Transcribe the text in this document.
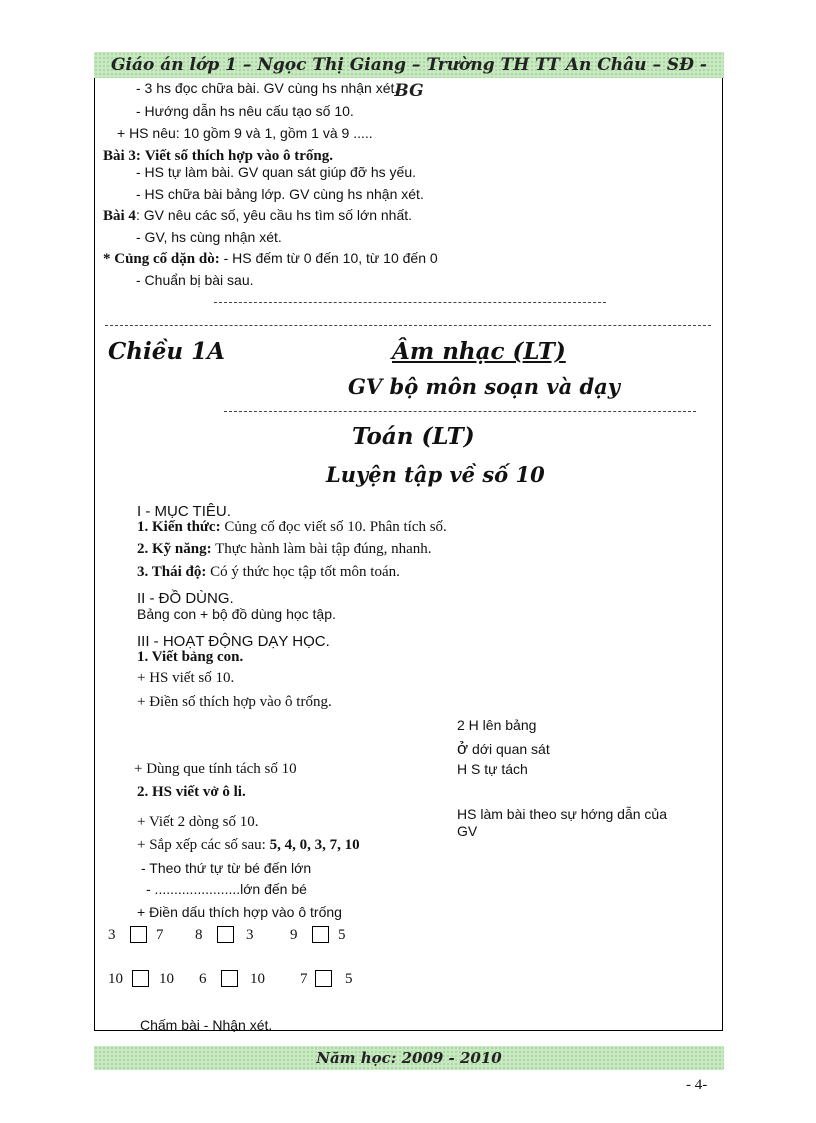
Giáo án lớp 1 – Ngọc Thị Giang – Trường TH TT An Châu – SĐ - BG
- 3 hs đọc chữa bài. GV cùng hs nhận xét.
- Hướng dẫn hs nêu cấu tạo số 10.
+ HS nêu: 10 gồm 9 và 1, gồm 1 và 9 .....
Bài 3: Viết số thích hợp vào ô trống.
- HS tự làm bài. GV quan sát giúp đỡ hs yếu.
- HS chữa bài bảng lớp. GV cùng hs nhận xét.
Bài 4: GV nêu các số, yêu cầu hs tìm số lớn nhất.
- GV, hs cùng nhận xét.
* Củng cố dặn dò: - HS đếm từ 0 đến 10, từ 10 đến 0
- Chuẩn bị bài sau.
Chiều 1A	Âm nhạc (LT)
GV bộ môn soạn và dạy
Toán (LT)
Luyện tập về số 10
I - MỤC TIÊU.
1. Kiến thức: Củng cố đọc viết số 10. Phân tích số.
2. Kỹ năng: Thực hành làm bài tập đúng, nhanh.
3. Thái độ: Có ý thức học tập tốt môn toán.
II - ĐỒ DÙNG.
Bảng con + bộ đồ dùng học tập.
III - HOẠT ĐỘNG DẠY HỌC.
1. Viết bảng con.
+ HS viết số 10.
+ Điền số thích hợp vào ô trống.
2 H lên bảng
ở dới quan sát
+ Dùng que tính tách số 10	H S tự tách
2. HS viết vở ô li.
HS làm bài theo sự hớng dẫn của
GV
+ Viết 2 dòng số 10.
+ Sắp xếp các số sau: 5, 4, 0, 3, 7, 10
- Theo thứ tự từ bé đến lớn
- ......................lớn đến bé
+ Điền dấu thích hợp vào ô trống
3	7 8	3 9	5
10 10 6	10 7	5
Chấm bài - Nhận xét.
Năm học: 2009 - 2010
- 4-
